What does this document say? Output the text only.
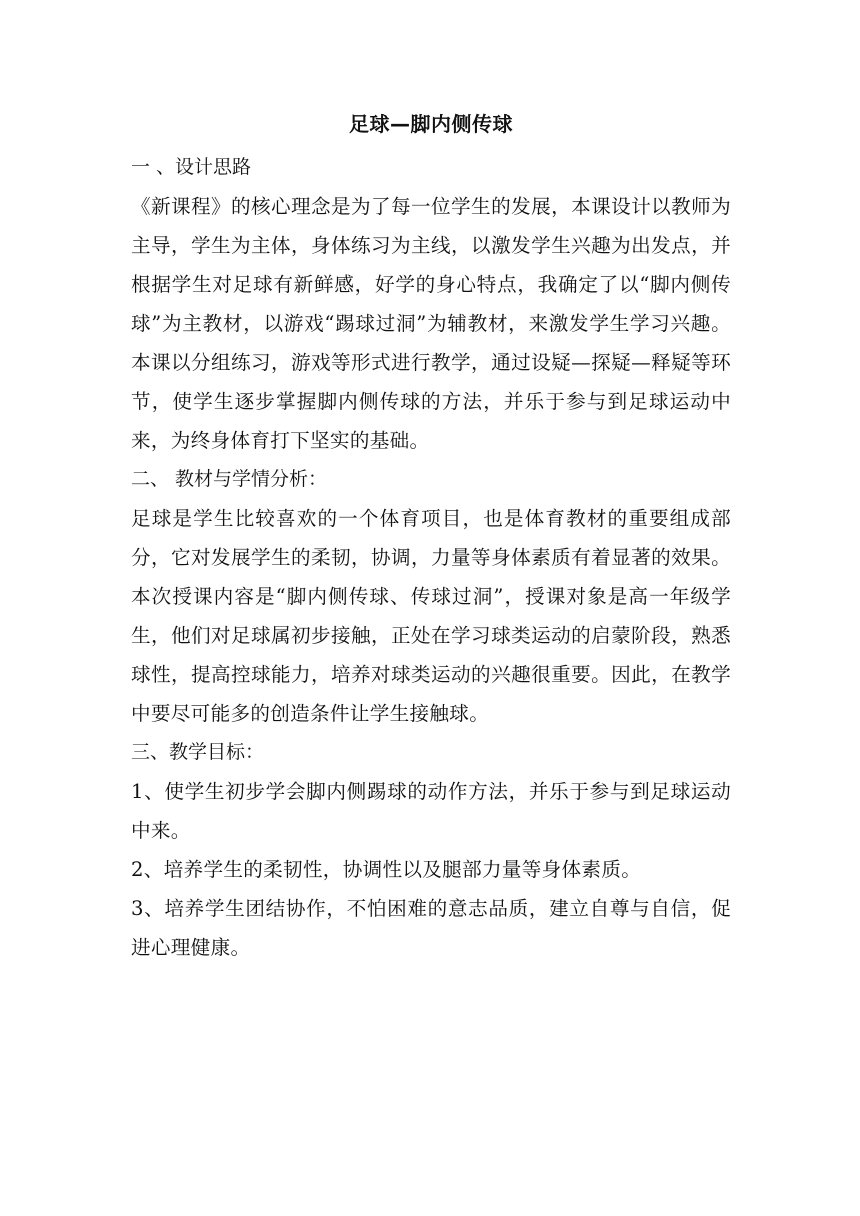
足球—脚内侧传球

一 、设计思路

《新课程》的核心理念是为了每一位学生的发展，本课设计以教师为主导，学生为主体，身体练习为主线，以激发学生兴趣为出发点，并根据学生对足球有新鲜感，好学的身心特点，我确定了以“脚内侧传球”为主教材，以游戏“踢球过洞”为辅教材，来激发学生学习兴趣。本课以分组练习，游戏等形式进行教学，通过设疑—探疑—释疑等环节，使学生逐步掌握脚内侧传球的方法，并乐于参与到足球运动中来，为终身体育打下坚实的基础。

二、 教材与学情分析：

足球是学生比较喜欢的一个体育项目，也是体育教材的重要组成部分，它对发展学生的柔韧，协调，力量等身体素质有着显著的效果。本次授课内容是“脚内侧传球、传球过洞”，授课对象是高一年级学生，他们对足球属初步接触，正处在学习球类运动的启蒙阶段，熟悉球性，提高控球能力，培养对球类运动的兴趣很重要。因此，在教学中要尽可能多的创造条件让学生接触球。

三、教学目标：

1、使学生初步学会脚内侧踢球的动作方法，并乐于参与到足球运动中来。
2、培养学生的柔韧性，协调性以及腿部力量等身体素质。
3、培养学生团结协作，不怕困难的意志品质，建立自尊与自信，促进心理健康。
